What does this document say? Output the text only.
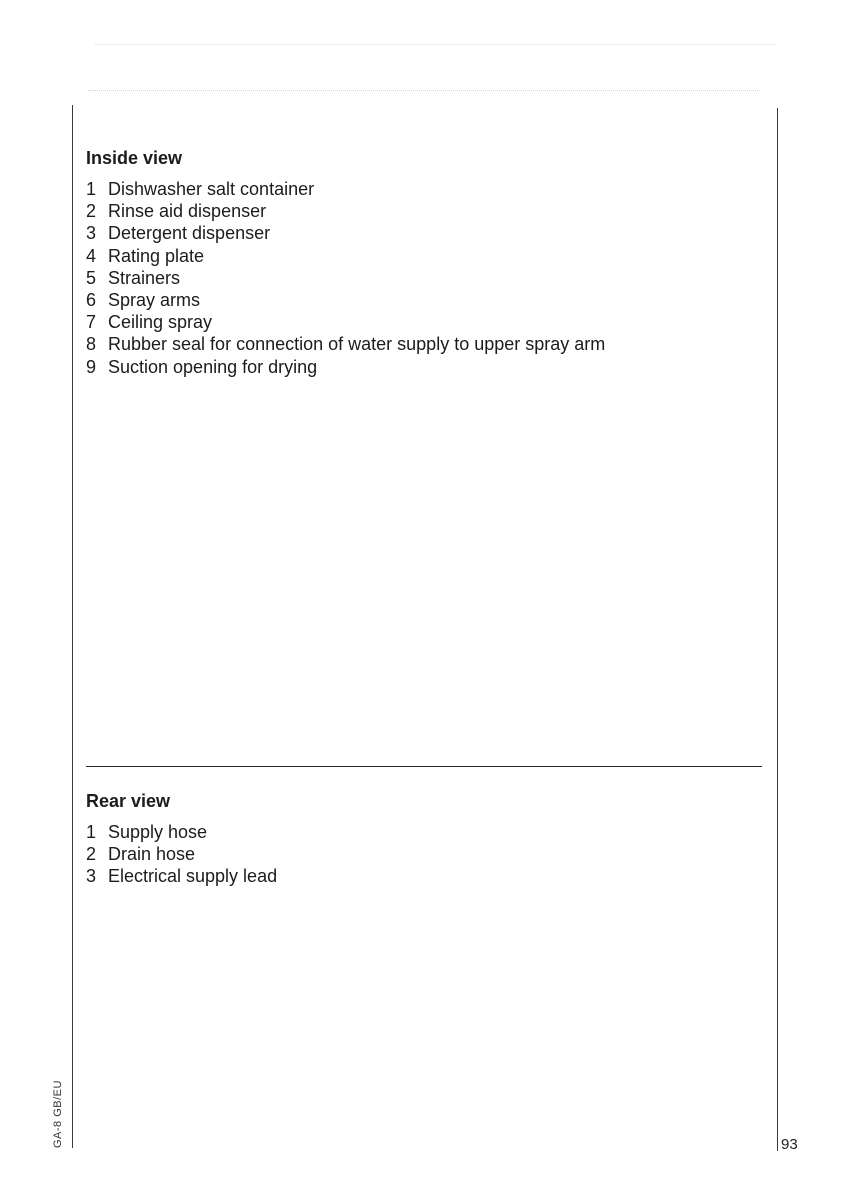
Inside view
1 Dishwasher salt container
2 Rinse aid dispenser
3 Detergent dispenser
4 Rating plate
5 Strainers
6 Spray arms
7 Ceiling spray
8 Rubber seal for connection of water supply to upper spray arm
9 Suction opening for drying
Rear view
1 Supply hose
2 Drain hose
3 Electrical supply lead
GA-8 GB/EU	93
